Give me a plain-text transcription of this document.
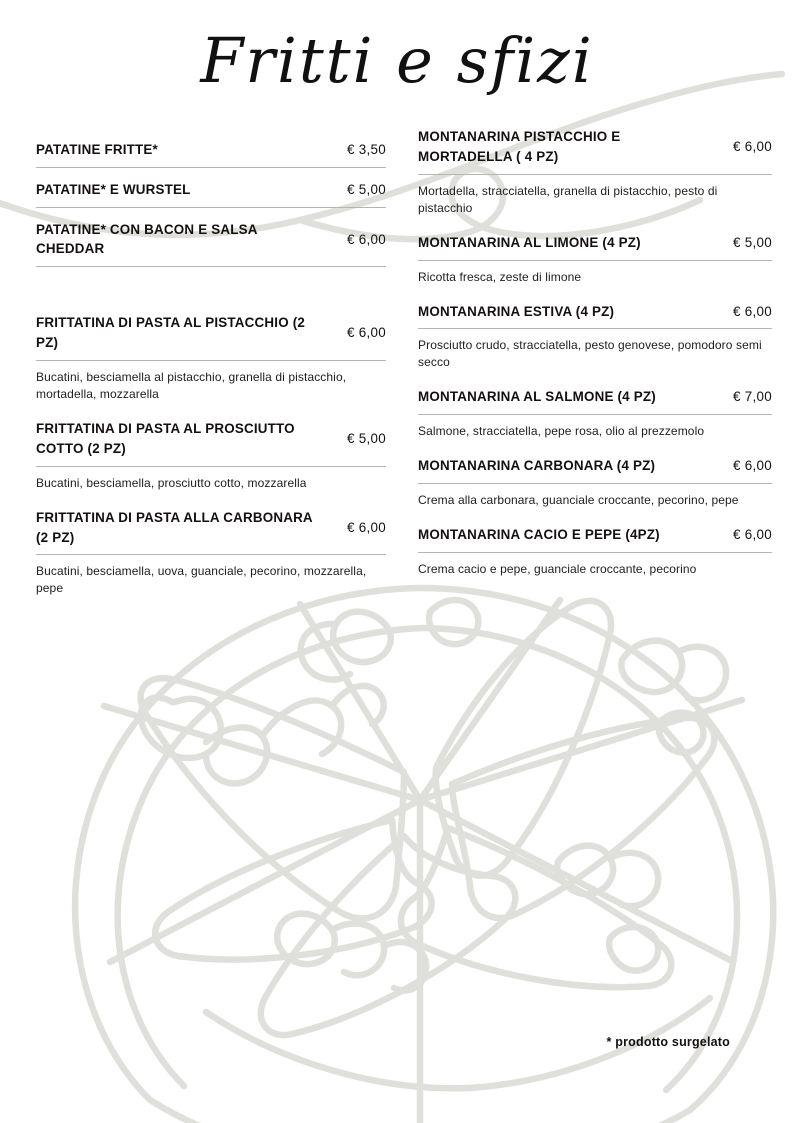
Fritti e sfizi
PATATINE FRITTE*	€ 3,50
PATATINE* E WURSTEL	€ 5,00
PATATINE* CON BACON E SALSA CHEDDAR
€ 6,00
FRITTATINA DI PASTA AL PISTACCHIO (2 PZ)
€ 6,00
Bucatini, besciamella al pistacchio, granella di pistacchio, mortadella, mozzarella
FRITTATINA DI PASTA AL PROSCIUTTO COTTO (2 PZ)
€ 5,00
Bucatini, besciamella, prosciutto cotto, mozzarella
FRITTATINA DI PASTA ALLA CARBONARA (2 PZ)
€ 6,00
Bucatini, besciamella, uova, guanciale, pecorino, mozzarella, pepe
MONTANARINA PISTACCHIO E MORTADELLA ( 4 PZ)
€ 6,00
Mortadella, stracciatella, granella di pistacchio, pesto di pistacchio
MONTANARINA AL LIMONE (4 PZ)	€ 5,00
Ricotta fresca, zeste di limone
MONTANARINA ESTIVA (4 PZ)	€ 6,00
Prosciutto crudo, stracciatella, pesto genovese, pomodoro semi secco
MONTANARINA AL SALMONE (4 PZ)	€ 7,00
Salmone, stracciatella, pepe rosa, olio al prezzemolo
MONTANARINA CARBONARA (4 PZ)	€ 6,00
Crema alla carbonara, guanciale croccante, pecorino, pepe
MONTANARINA CACIO E PEPE (4PZ)	€ 6,00
Crema cacio e pepe, guanciale croccante, pecorino
* prodotto surgelato
